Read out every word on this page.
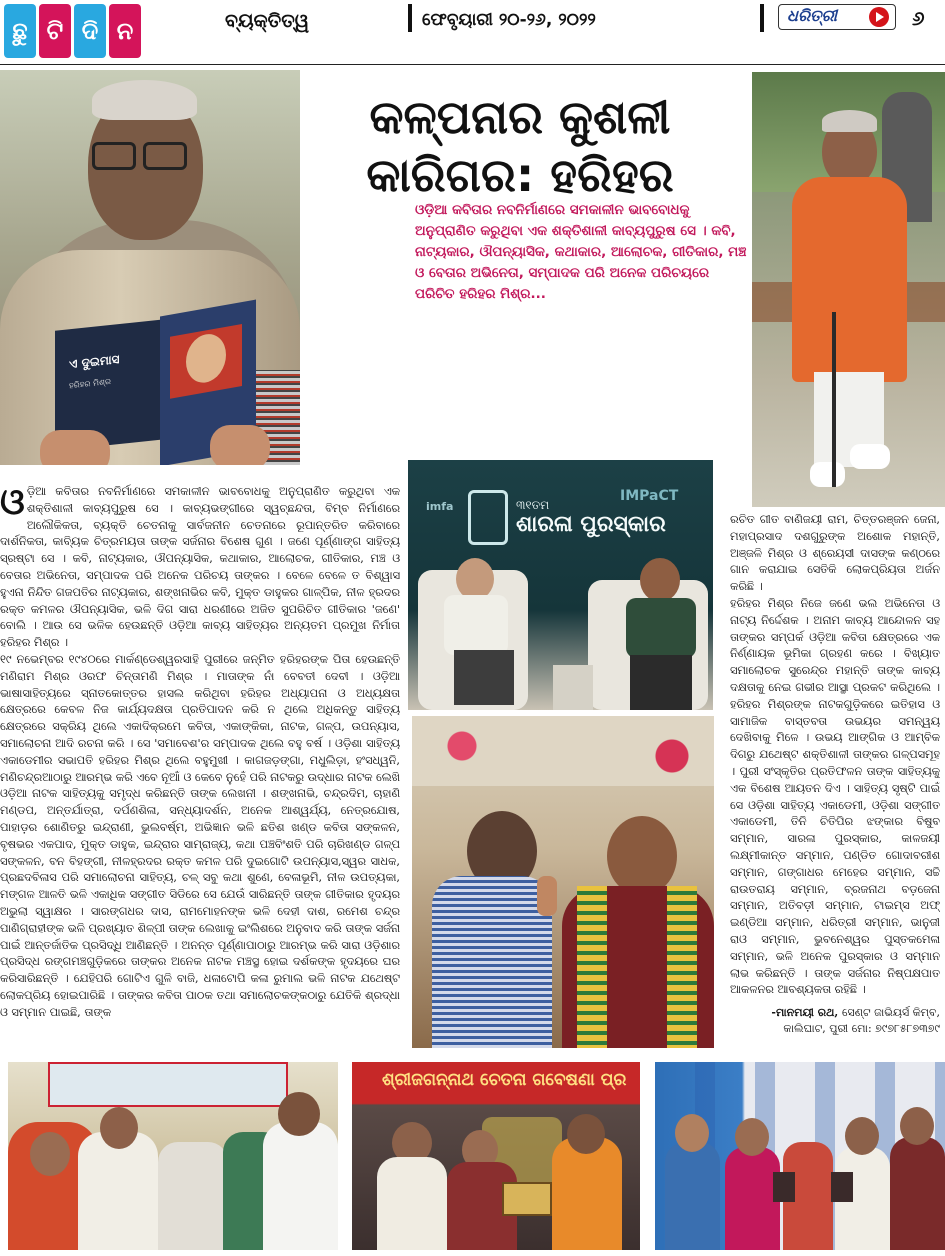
ଛୁ ଟି ଦି ନ	ବ୍ୟକ୍ତିତ୍ୱ	ଫେବୃୟାରୀ ୨୦-୨୬, ୨୦୨୨	ଧରିତ୍ରୀ	୬
ଏ ଦୁଇମାସ
ହରିହର ମିଶ୍ର
କଳ୍ପନାର କୁଶଳୀ କାରିଗର: ହରିହର
ଓଡ଼ିଆ କବିତାର ନବନିର୍ମାଣରେ ସମକାଳୀନ ଭାବବୋଧକୁ ଅନୁପ୍ରାଣିତ କରୁଥିବା ଏକ ଶକ୍ତିଶାଳୀ କାବ୍ୟପୁରୁଷ ସେ । କବି, ନାଟ୍ୟକାର, ଔପନ୍ୟାସିକ, କଥାକାର, ଆଲୋଚକ, ଗୀତିକାର, ମଞ୍ଚ ଓ ବେତାର ଅଭିନେତା, ସମ୍ପାଦକ ପରି ଅନେକ ପରିଚୟରେ ପରିଚିତ ହରିହର ମିଶ୍ର...
୩୧ତମ
ଶାରଳା ପୁରସ୍କାର
IMPaCT
imfa
ଓ ଡ଼ିଆ କବିତାର ନବନିର୍ମାଣରେ ସମକାଳୀନ ଭାବବୋଧକୁ ଅନୁପ୍ରାଣିତ କରୁଥିବା ଏକ ଶକ୍ତିଶାଳୀ କାବ୍ୟପୁରୁଷ ସେ । କାବ୍ୟଭଙ୍ଗୀରେ ସ୍ୱଚ୍ଛନ୍ଦତା, ବିମ୍ବ ନିର୍ମାଣରେ ଅଲୌକିକତା, ବ୍ୟକ୍ତି ଚେତନାକୁ ସାର୍ବଜନୀନ ଚେତନାରେ ରୂପାନ୍ତରିତ କରିବାରେ ଦାର୍ଶନିକତା, କାବ୍ୟିକ ଚିତ୍ରମୟତା ତାଙ୍କ ସର୍ଜନାର ବିଶେଷ ଗୁଣ । ଜଣେ ପୂର୍ଣ୍ଣାଙ୍ଗ ସାହିତ୍ୟ ସ୍ରଷ୍ଟା ସେ । କବି, ନାଟ୍ୟକାର, ଔପନ୍ୟାସିକ, କଥାକାର, ଆଲୋଚକ, ଗୀତିକାର, ମଞ୍ଚ ଓ ବେତାର ଅଭିନେତା, ସମ୍ପାଦକ ପରି ଅନେକ ପରିଚୟ ତାଙ୍କର । ବେଳେ ବେଳେ ତ ବିଶ୍ୱାସ ହୁଏନା ନିନ୍ଦିତ ଗଜପତିର ନାଟ୍ୟକାର, ଶଙ୍ଖନାଭିର କବି, ମୁକ୍ତ ଡାହୁକର ଗାଳ୍ପିକ, ନୀଳ ହ୍ରଦର ରକ୍ତ କମଳର ଔପନ୍ୟାସିକ, ଭଳି ଦିଗ ସାରା ଧରଣୀରେ ଅଜିତ ସୁପରିଚିତ ଗୀତିକାର 'ଜଣେ' ବୋଲି । ଆଉ ସେ ଭଳିକ ହେଉଛନ୍ତି ଓଡ଼ିଆ କାବ୍ୟ ସାହିତ୍ୟର ଅନ୍ୟତମ ପ୍ରମୁଖ ନିର୍ମାତା ହରିହର ମିଶ୍ର ।
୧୯ ନଭେମ୍ବର ୧୯୪୦ରେ ମାର୍କଣ୍ଡେଶ୍ୱରସାହି ପୁରୀରେ ଜନ୍ମିତ ହରିହରଙ୍କ ପିତା ହେଉଛନ୍ତି ମଣିରାମ ମିଶ୍ର ଓରଫ ଚିନ୍ତାମଣି ମିଶ୍ର । ମାତାଙ୍କ ନାଁ ବେବତୀ ଦେବୀ । ଓଡ଼ିଆ ଭାଷାସାହିତ୍ୟରେ ସ୍ନାତକୋତ୍ତର ହାସଲ କରିଥିବା ହରିହର ଅଧ୍ୟାପନା ଓ ଅଧ୍ୟକ୍ଷତା କ୍ଷେତ୍ରରେ କେବଳ ନିଜ କାର୍ଯ୍ୟଦକ୍ଷତା ପ୍ରତିପାଦନ କରି ନ ଥିଲେ ଅଧିକନ୍ତୁ ସାହିତ୍ୟ କ୍ଷେତ୍ରରେ ସକ୍ରିୟ ଥିଲେ ଏକାଦିକ୍ରମେ କବିତା, ଏକାଙ୍କିକା, ନାଟକ, ଗଳ୍ପ, ଉପନ୍ୟାସ, ସମାଲୋଚନା ଆଦି ରଚନା କରି । ସେ 'ସମାବେଶ'ର ସମ୍ପାଦକ ଥିଲେ ବହୁ ବର୍ଷ । ଓଡ଼ିଶା ସାହିତ୍ୟ ଏକାଡେମୀର ସଭାପତି ହରିହର ମିଶ୍ର ଥିଲେ ବହୁମୁଖୀ । କାଗଜଡ଼ଙ୍ଗା, ମଧୁଲିଡ଼ା, ହଂସଧ୍ୱନି, ମଣିଚନ୍ଦ୍ରଆଠାରୁ ଆରମ୍ଭ କରି ଏବେ ନୂଆଁ ଓ କେବେ ନୁହେଁ ପରି ନାଟକରୁ ଉଦ୍ଧାର ନାଟକ ଲେଖି ଓଡ଼ିଆ ନାଟକ ସାହିତ୍ୟକୁ ସମୃଦ୍ଧ କରିଛନ୍ତି ତାଙ୍କ ଲେଖନୀ । ଶଙ୍ଖନାଭି, ଚନ୍ଦ୍ରଦିମ, ଚାହାଣି ମଣ୍ଡପ, ଅନ୍ତର୍ଯାତ୍ରା, ଦର୍ପଣଶିଳା, ସନ୍ଧ୍ୟାଦର୍ଶନ, ଅନେକ ଆଶ୍ୱର୍ଯ୍ୟ, ନେତ୍ରଯୋଷ, ପାହାଡ଼ର ଶୋଣିତରୁ ଇନ୍ଦ୍ରାଣୀ, ଭୁଲବର୍ଷ୍ମ, ଅଭିଜ୍ଞାନ ଭଳି ଛତିଶ ଖଣ୍ଡ କବିତା ସଙ୍କଳନ, ବୃଷଭର ଏକପାଦ, ମୁକ୍ତ ଡାହୁକ, ଇନ୍ଦ୍ରାର ସାମ୍ରାଜ୍ୟ, କଥା ପଞ୍ଚବିଂଶତି ପରି ଚାରିଖଣ୍ଡ ଗଳ୍ପ ସଙ୍କଳନ, ବନ ବିହଙ୍ଗୀ, ନୀଳହ୍ରଦର ରକ୍ତ କମଳ ପରି ଦୁଇଗୋଟି ଉପନ୍ୟାସ,ସ୍ୱର ସାଧକ, ପ୍ରଛଦବିଳାସ ପରି ସମାଲୋଚନା ସାହିତ୍ୟ, ଚଳ୍ ସବୁ କଥା ଶୁଣେ, ବେଳାଭୂମି, ନୀଳ ଉପତ୍ୟକା, ମଙ୍ଗଳ ଆଳତି ଭଳି ଏକାଧିକ ସଙ୍ଗୀତ ସିଡିରେ ସେ ଯେଉଁ ସାରିଛନ୍ତି ତାଙ୍କ ଗୀତିକାର ହୃଦୟର ଅଭୁଲା ସ୍ୱାକ୍ଷର । ସାରଙ୍ଗଧର ଦାସ, ରାମମୋହନଙ୍କ ଭଳି ଦେହୀ ଦାଶ, ରମେଶ ଚନ୍ଦ୍ର ପାଣିଗ୍ରାହୀଙ୍କ ଭଳି ପ୍ରଖ୍ୟାତ ଶିଳ୍ପୀ ତାଙ୍କ ଲେଖାକୁ ଇଂଲିଶରେ ଅନୁବାଦ କରି ତାଙ୍କ ସର୍ଜନା ପାଇଁ ଆନ୍ତର୍ଜାତିକ ପ୍ରସିଦ୍ଧି ଆଣିଛନ୍ତି । ଅନନ୍ତ ପୂର୍ଣ୍ଣାପାଠାରୁ ଆରମ୍ଭ କରି ସାରା ଓଡ଼ିଶାର ପ୍ରସିଦ୍ଧ ରଙ୍ଗମଞ୍ଚଗୁଡ଼ିକରେ ତାଙ୍କର ଅନେକ ନାଟକ ମଞ୍ଚସ୍ଥ ହୋଇ ଦର୍ଶକଙ୍କ ହୃଦୟରେ ଘର କରିସାରିଛନ୍ତି । ଯେହିପରି ଗୋଟିଏ ଗୁଳି ବାଜି, ଧଳାଟୋପି କଳା ରୁମାଲ ଭଳି ନାଟକ ଯଥେଷ୍ଟ ଲୋକପ୍ରିୟ ହୋଇପାରିଛି । ତାଙ୍କର କବିତା ପାଠକ ତଥା ସମାଲୋଚକଙ୍କଠାରୁ ଯେତିକି ଶ୍ରଦ୍ଧା ଓ ସମ୍ମାନ ପାଇଛି, ତାଙ୍କ
ରଚିତ ଗୀତ ବାଣିଜୟୀ ରାମ, ଚିତ୍ତରଞ୍ଜନ ଜେନା, ମହାପ୍ରସାଦ ଦଶଗୁରୁଙ୍କ ଅଶୋକ ମହାନ୍ତି, ଅଞ୍ଜଳି ମିଶ୍ର ଓ ଶ୍ରେୟସୀ ଦାସଙ୍କ କଣ୍ଠରେ ଗାନ କରାଯାଇ ସେତିକି ଲୋକପ୍ରିୟତା ଅର୍ଜନ କରିଛି ।
ହରିହର ମିଶ୍ର ନିଜେ ଜଣେ ଭଲ ଅଭିନେତା ଓ ନାଟ୍ୟ ନିର୍ଦ୍ଦେଶକ । ଅନାମ କାବ୍ୟ ଆନ୍ଦୋଳନ ସହ ତାଙ୍କର ସମ୍ପର୍କ ଓଡ଼ିଆ କବିତା କ୍ଷେତ୍ରରେ ଏକ ନିର୍ଣ୍ଣାୟକ ଭୂମିକା ଗ୍ରହଣ କରେ । ବିଖ୍ୟାତ ସମାଲୋଚକ ସୁରେନ୍ଦ୍ର ମହାନ୍ତି ତାଙ୍କ କାବ୍ୟ ଦକ୍ଷତାକୁ ନେଇ ଗଭୀର ଆସ୍ଥା ପ୍ରକଟ କରିଥିଲେ । ହରିହର ମିଶ୍ରଙ୍କ ନାଟକଗୁଡ଼ିକରେ ଇତିହାସ ଓ ସାମାଜିକ ବାସ୍ତବତା ଉଭୟର ସମନ୍ୱୟ ଦେଖିବାକୁ ମିଳେ । ଉଭୟ ଆଙ୍ଗିକ ଓ ଆମ୍ବିକ ଦିଗରୁ ଯଥେଷ୍ଟ ଶକ୍ତିଶାଳୀ ତାଙ୍କର ଗଳ୍ପସମୂହ । ପୁରୀ ସଂସ୍କୃତିର ପ୍ରତିଫଳନ ତାଙ୍କ ସାହିତ୍ୟକୁ ଏକ ବିଶେଷ ଆୟତନ ଦିଏ । ସାହିତ୍ୟ ସୃଷ୍ଟି ପାଇଁ ସେ ଓଡ଼ିଶା ସାହିତ୍ୟ ଏକାଡେମୀ, ଓଡ଼ିଶା ସଙ୍ଗୀତ ଏକାଡେମୀ, ତିନି ଚିତିପିର ଝଙ୍କାର ବିଷୁବ ସମ୍ମାନ, ସାରଳା ପୁରସ୍କାର, କାଳଜୟୀ ଲକ୍ଷ୍ମୀକାନ୍ତ ସମ୍ମାନ, ପଣ୍ଡିତ ଗୋଦାବରୀଶ ସମ୍ମାନ, ଗଙ୍ଗାଧର ମେହେର ସମ୍ମାନ, ସଚ୍ଚି ରାଉତରାୟ ସମ୍ମାନ, ବ୍ରଜନାଥ ବଡ଼ଜେନା ସମ୍ମାନ, ଅତିବଡ଼ୀ ସମ୍ମାନ, ଟାଇମ୍ସ ଅଫ୍ ଇଣ୍ଡିଆ ସମ୍ମାନ, ଧରିତ୍ରୀ ସମ୍ମାନ, ଭାନୁଜୀ ରାଓ ସମ୍ମାନ, ଭୁବନେଶ୍ୱର ପୁସ୍ତକମେଳା ସମ୍ମାନ, ଭଳି ଅନେକ ପୁରସ୍କାର ଓ ସମ୍ମାନ ଲାଭ କରିଛନ୍ତି । ତାଙ୍କ ସର୍ଜନାର ନିଷ୍ପକ୍ଷପାତ ଆକଳନର ଆବଶ୍ୟକତା ରହିଛି ।
-ମାନମୟୀ ରଥ, ସେଣ୍ଟ ଜାଭିୟର୍ସ କିମ୍ବ, କାଲିଘାଟ, ପୁରୀ ମୋ: ୭୯୭୮୫୮୭୩୭୯
ଶ୍ରୀଜଗନ୍ନାଥ ଚେତନା ଗବେଷଣା ପ୍ର
